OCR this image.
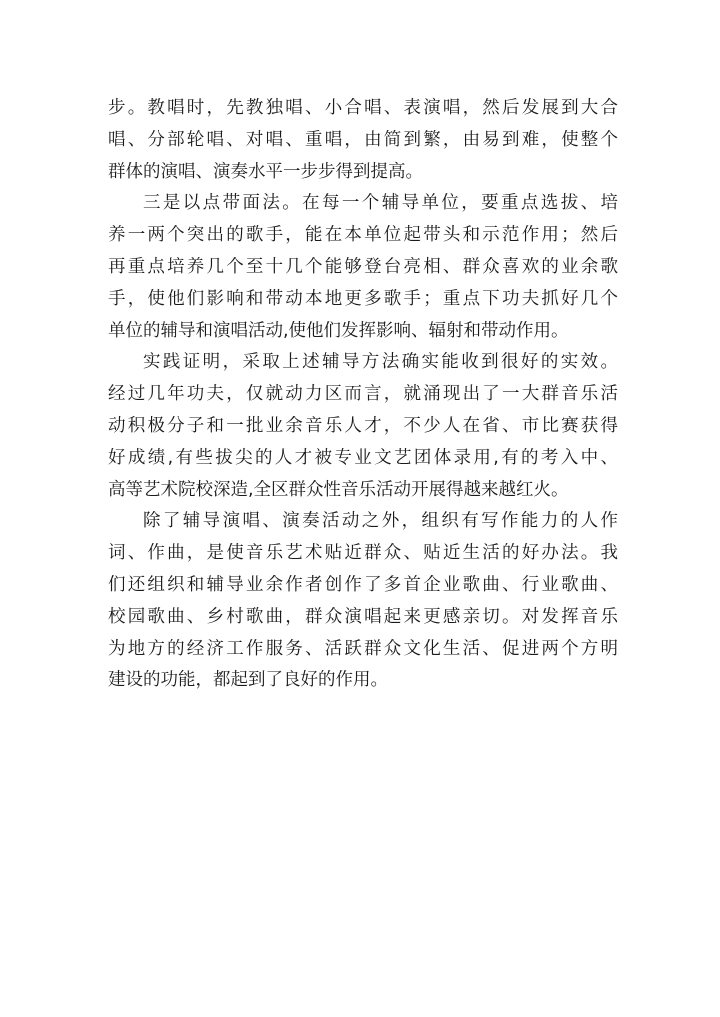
步。教唱时，先教独唱、小合唱、表演唱，然后发展到大合
唱、分部轮唱、对唱、重唱，由简到繁，由易到难，使整个
群体的演唱、演奏水平一步步得到提高。
三是以点带面法。在每一个辅导单位，要重点选拔、培
养一两个突出的歌手，能在本单位起带头和示范作用；然后
再重点培养几个至十几个能够登台亮相、群众喜欢的业余歌
手，使他们影响和带动本地更多歌手；重点下功夫抓好几个
单位的辅导和演唱活动,使他们发挥影响、辐射和带动作用。
实践证明，采取上述辅导方法确实能收到很好的实效。
经过几年功夫，仅就动力区而言，就涌现出了一大群音乐活
动积极分子和一批业余音乐人才，不少人在省、市比赛获得
好成绩,有些拔尖的人才被专业文艺团体录用,有的考入中、
高等艺术院校深造,全区群众性音乐活动开展得越来越红火。
除了辅导演唱、演奏活动之外，组织有写作能力的人作
词、作曲，是使音乐艺术贴近群众、贴近生活的好办法。我
们还组织和辅导业余作者创作了多首企业歌曲、行业歌曲、
校园歌曲、乡村歌曲，群众演唱起来更感亲切。对发挥音乐
为地方的经济工作服务、活跃群众文化生活、促进两个方明
建设的功能，都起到了良好的作用。
